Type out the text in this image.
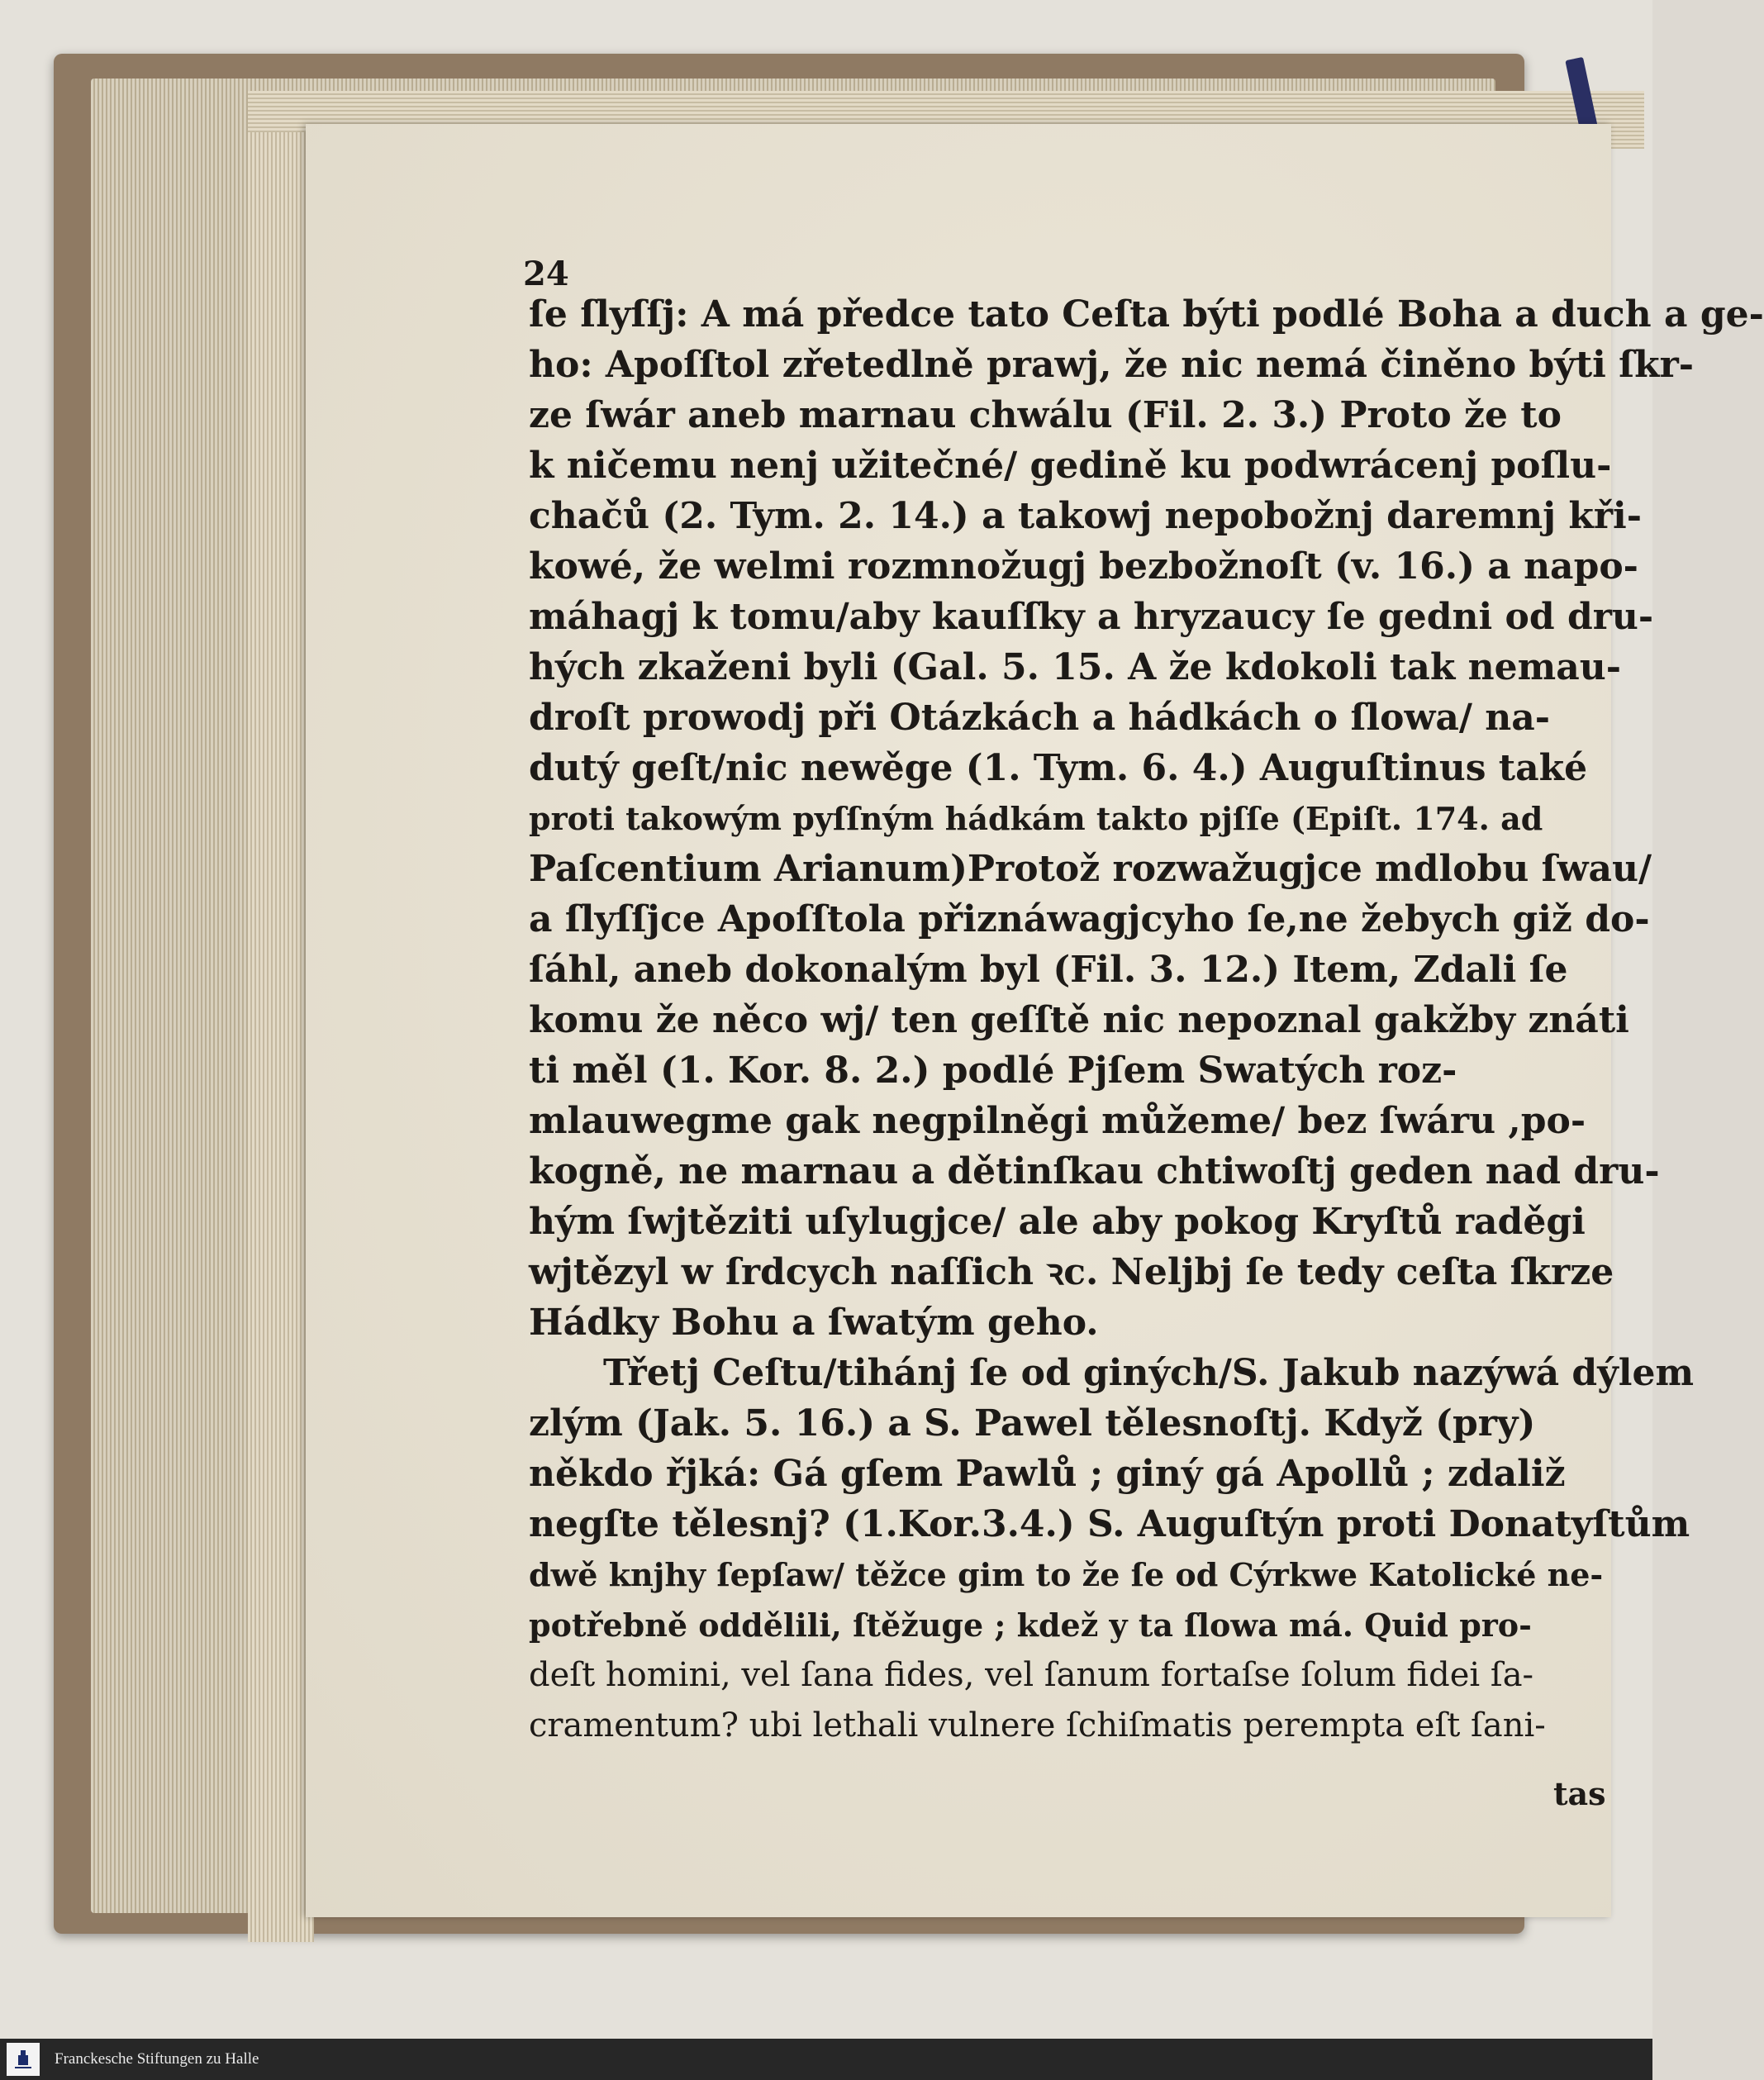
24
ſe ſlyſſj: A má předce tato Ceſta býti podlé Boha a duch a ge-
ho: Apoſſtol zřetedlně prawj, že nic nemá činěno býti ſkr-
ze ſwár aneb marnau chwálu (Fil. 2. 3.) Proto že to
k ničemu nenj užitečné/ gedině ku podwrácenj poſlu-
chačů (2. Tym. 2. 14.) a takowj nepobožnj daremnj kři-
kowé, že welmi rozmnožugj bezbožnoſt (v. 16.) a napo-
máhagj k tomu/aby kauſſky a hryzaucy ſe gedni od dru-
hých zkaženi byli (Gal. 5. 15. A že kdokoli tak nemau-
droſt prowodj při Otázkách a hádkách o ſlowa/ na-
dutý geſt/nic newěge (1. Tym. 6. 4.) Auguſtinus také
proti takowým pyſſným hádkám takto pjſſe (Epiſt. 174. ad
Paſcentium Arianum)Protož rozwažugjce mdlobu ſwau/
a ſlyſſjce Apoſſtola přiznáwagjcyho ſe,ne žebych giž do-
ſáhl, aneb dokonalým byl (Fil. 3. 12.) Item, Zdali ſe
komu že něco wj/ ten geſſtě nic nepoznal gakžby znáti
ti měl (1. Kor. 8. 2.) podlé Pjſem Swatých roz-
mlauwegme gak negpilněgi můžeme/ bez ſwáru ,po-
kogně, ne marnau a dětinſkau chtiwoſtj geden nad dru-
hým ſwjtěziti uſylugjce/ ale aby pokog Kryſtů raděgi
wjtězyl w ſrdcych naſſich ꝛc. Neljbj ſe tedy ceſta ſkrze
Hádky Bohu a ſwatým geho.
Třetj Ceſtu/tihánj ſe od giných/S. Jakub nazýwá dýlem
zlým (Jak. 5. 16.) a S. Pawel tělesnoſtj. Když (pry)
někdo řjká: Gá gſem Pawlů ; giný gá Apollů ; zdaliž
negſte tělesnj? (1.Kor.3.4.) S. Auguſtýn proti Donatyſtům
dwě knjhy ſepſaw/ těžce gim to že ſe od Cýrkwe Katolické ne-
potřebně oddělili, ſtěžuge ; kdež y ta ſlowa má. Quid pro-
deſt homini, vel ſana fides, vel ſanum fortaſse ſolum fidei ſa-
cramentum? ubi lethali vulnere ſchiſmatis perempta eſt ſani-
tas
Franckesche Stiftungen zu Halle
